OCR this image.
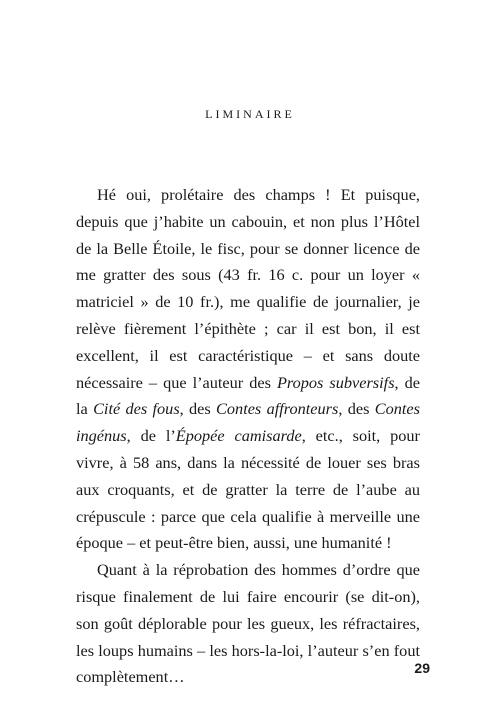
LIMINAIRE

Hé oui, prolétaire des champs ! Et puisque, depuis que j’habite un cabouin, et non plus l’Hôtel de la Belle Étoile, le fisc, pour se donner licence de me gratter des sous (43 fr. 16 c. pour un loyer « matriciel » de 10 fr.), me qualifie de journalier, je relève fièrement l’épithète ; car il est bon, il est excellent, il est caractéristique – et sans doute nécessaire – que l’auteur des Propos subversifs, de la Cité des fous, des Contes affronteurs, des Contes ingénus, de l’Épopée camisarde, etc., soit, pour vivre, à 58 ans, dans la nécessité de louer ses bras aux croquants, et de gratter la terre de l’aube au crépuscule : parce que cela qualifie à merveille une époque – et peut-être bien, aussi, une humanité !

Quant à la réprobation des hommes d’ordre que risque finalement de lui faire encourir (se dit-on), son goût déplorable pour les gueux, les réfractaires, les loups humains – les hors-la-loi, l’auteur s’en fout complètement…	29
